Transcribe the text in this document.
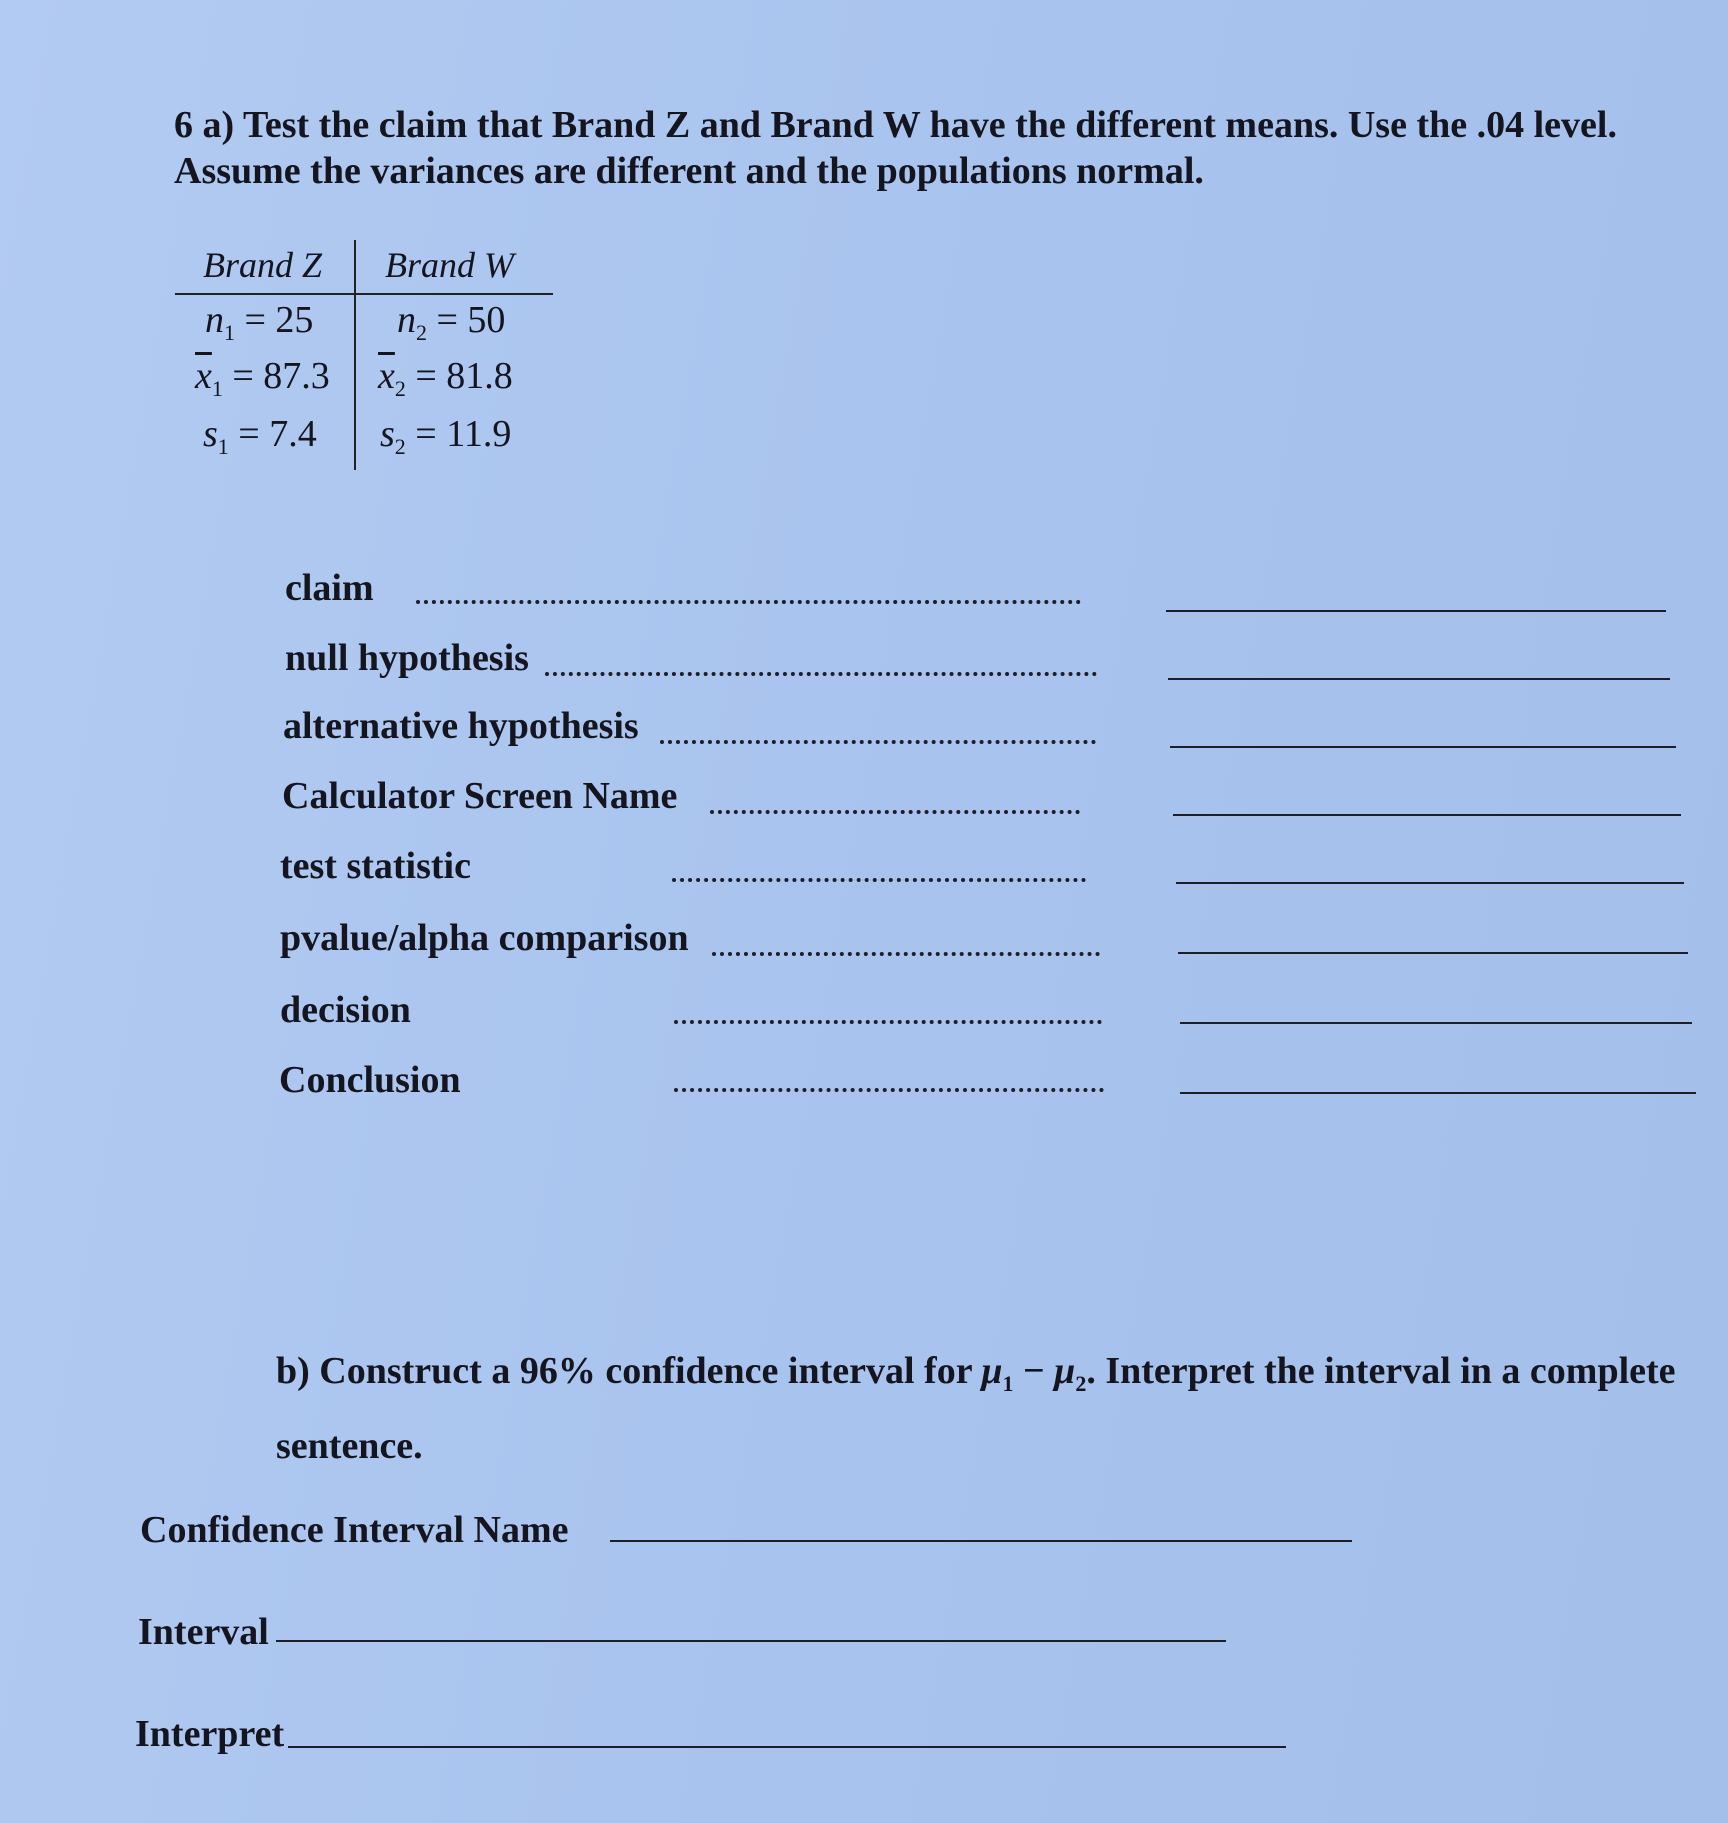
6 a) Test the claim that Brand Z and Brand W have the different means. Use the .04 level. Assume the variances are different and the populations normal.
Brand Z Brand W
$n_1 = 25$ $n_2 = 50$
$\overline{x}_1 = 87.3$ $\overline{x}_2 = 81.8$
$s_1 = 7.4$ $s_2 = 11.9$
claim
null hypothesis
alternative hypothesis
Calculator Screen Name
test statistic
pvalue/alpha comparison
decision
Conclusion
b) Construct a 96% confidence interval for $\mu_1 - \mu_2$. Interpret the interval in a complete sentence.
Confidence Interval Name
Interval
Interpret
